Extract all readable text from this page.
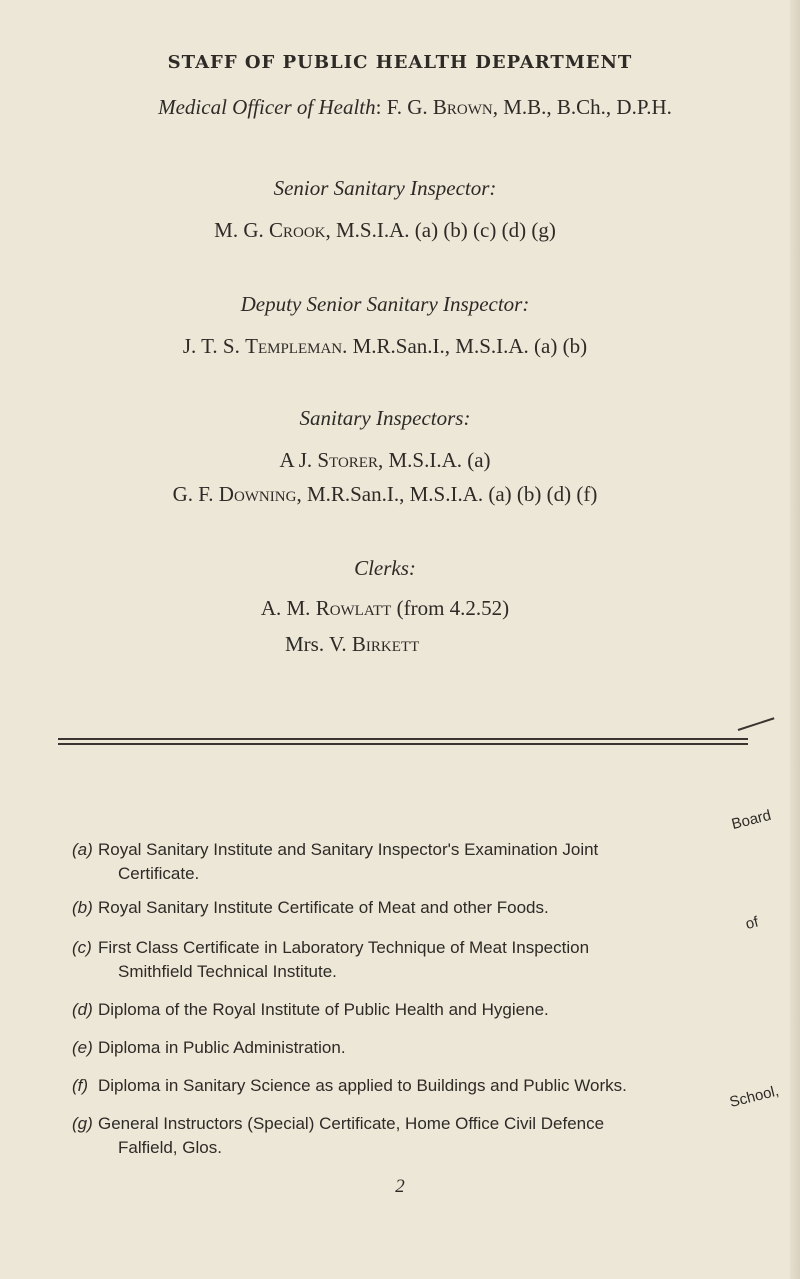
STAFF OF PUBLIC HEALTH DEPARTMENT
Medical Officer of Health: F. G. Brown, M.B., B.Ch., D.P.H.
Senior Sanitary Inspector:
M. G. Crook, M.S.I.A. (a) (b) (c) (d) (g)
Deputy Senior Sanitary Inspector:
J. T. S. Templeman. M.R.San.I., M.S.I.A. (a) (b)
Sanitary Inspectors:
A J. Storer, M.S.I.A. (a)
G. F. Downing, M.R.San.I., M.S.I.A. (a) (b) (d) (f)
Clerks:
A. M. Rowlatt (from 4.2.52)
Mrs. V. Birkett
(a) Royal Sanitary Institute and Sanitary Inspector's Examination Joint
Certificate.
Board
(b) Royal Sanitary Institute Certificate of Meat and other Foods.
(c) First Class Certificate in Laboratory Technique of Meat Inspection
Smithfield Technical Institute.
of
(d) Diploma of the Royal Institute of Public Health and Hygiene.
(e) Diploma in Public Administration.
(f) Diploma in Sanitary Science as applied to Buildings and Public Works.
(g) General Instructors (Special) Certificate, Home Office Civil Defence
Falfield, Glos.
School,
2
